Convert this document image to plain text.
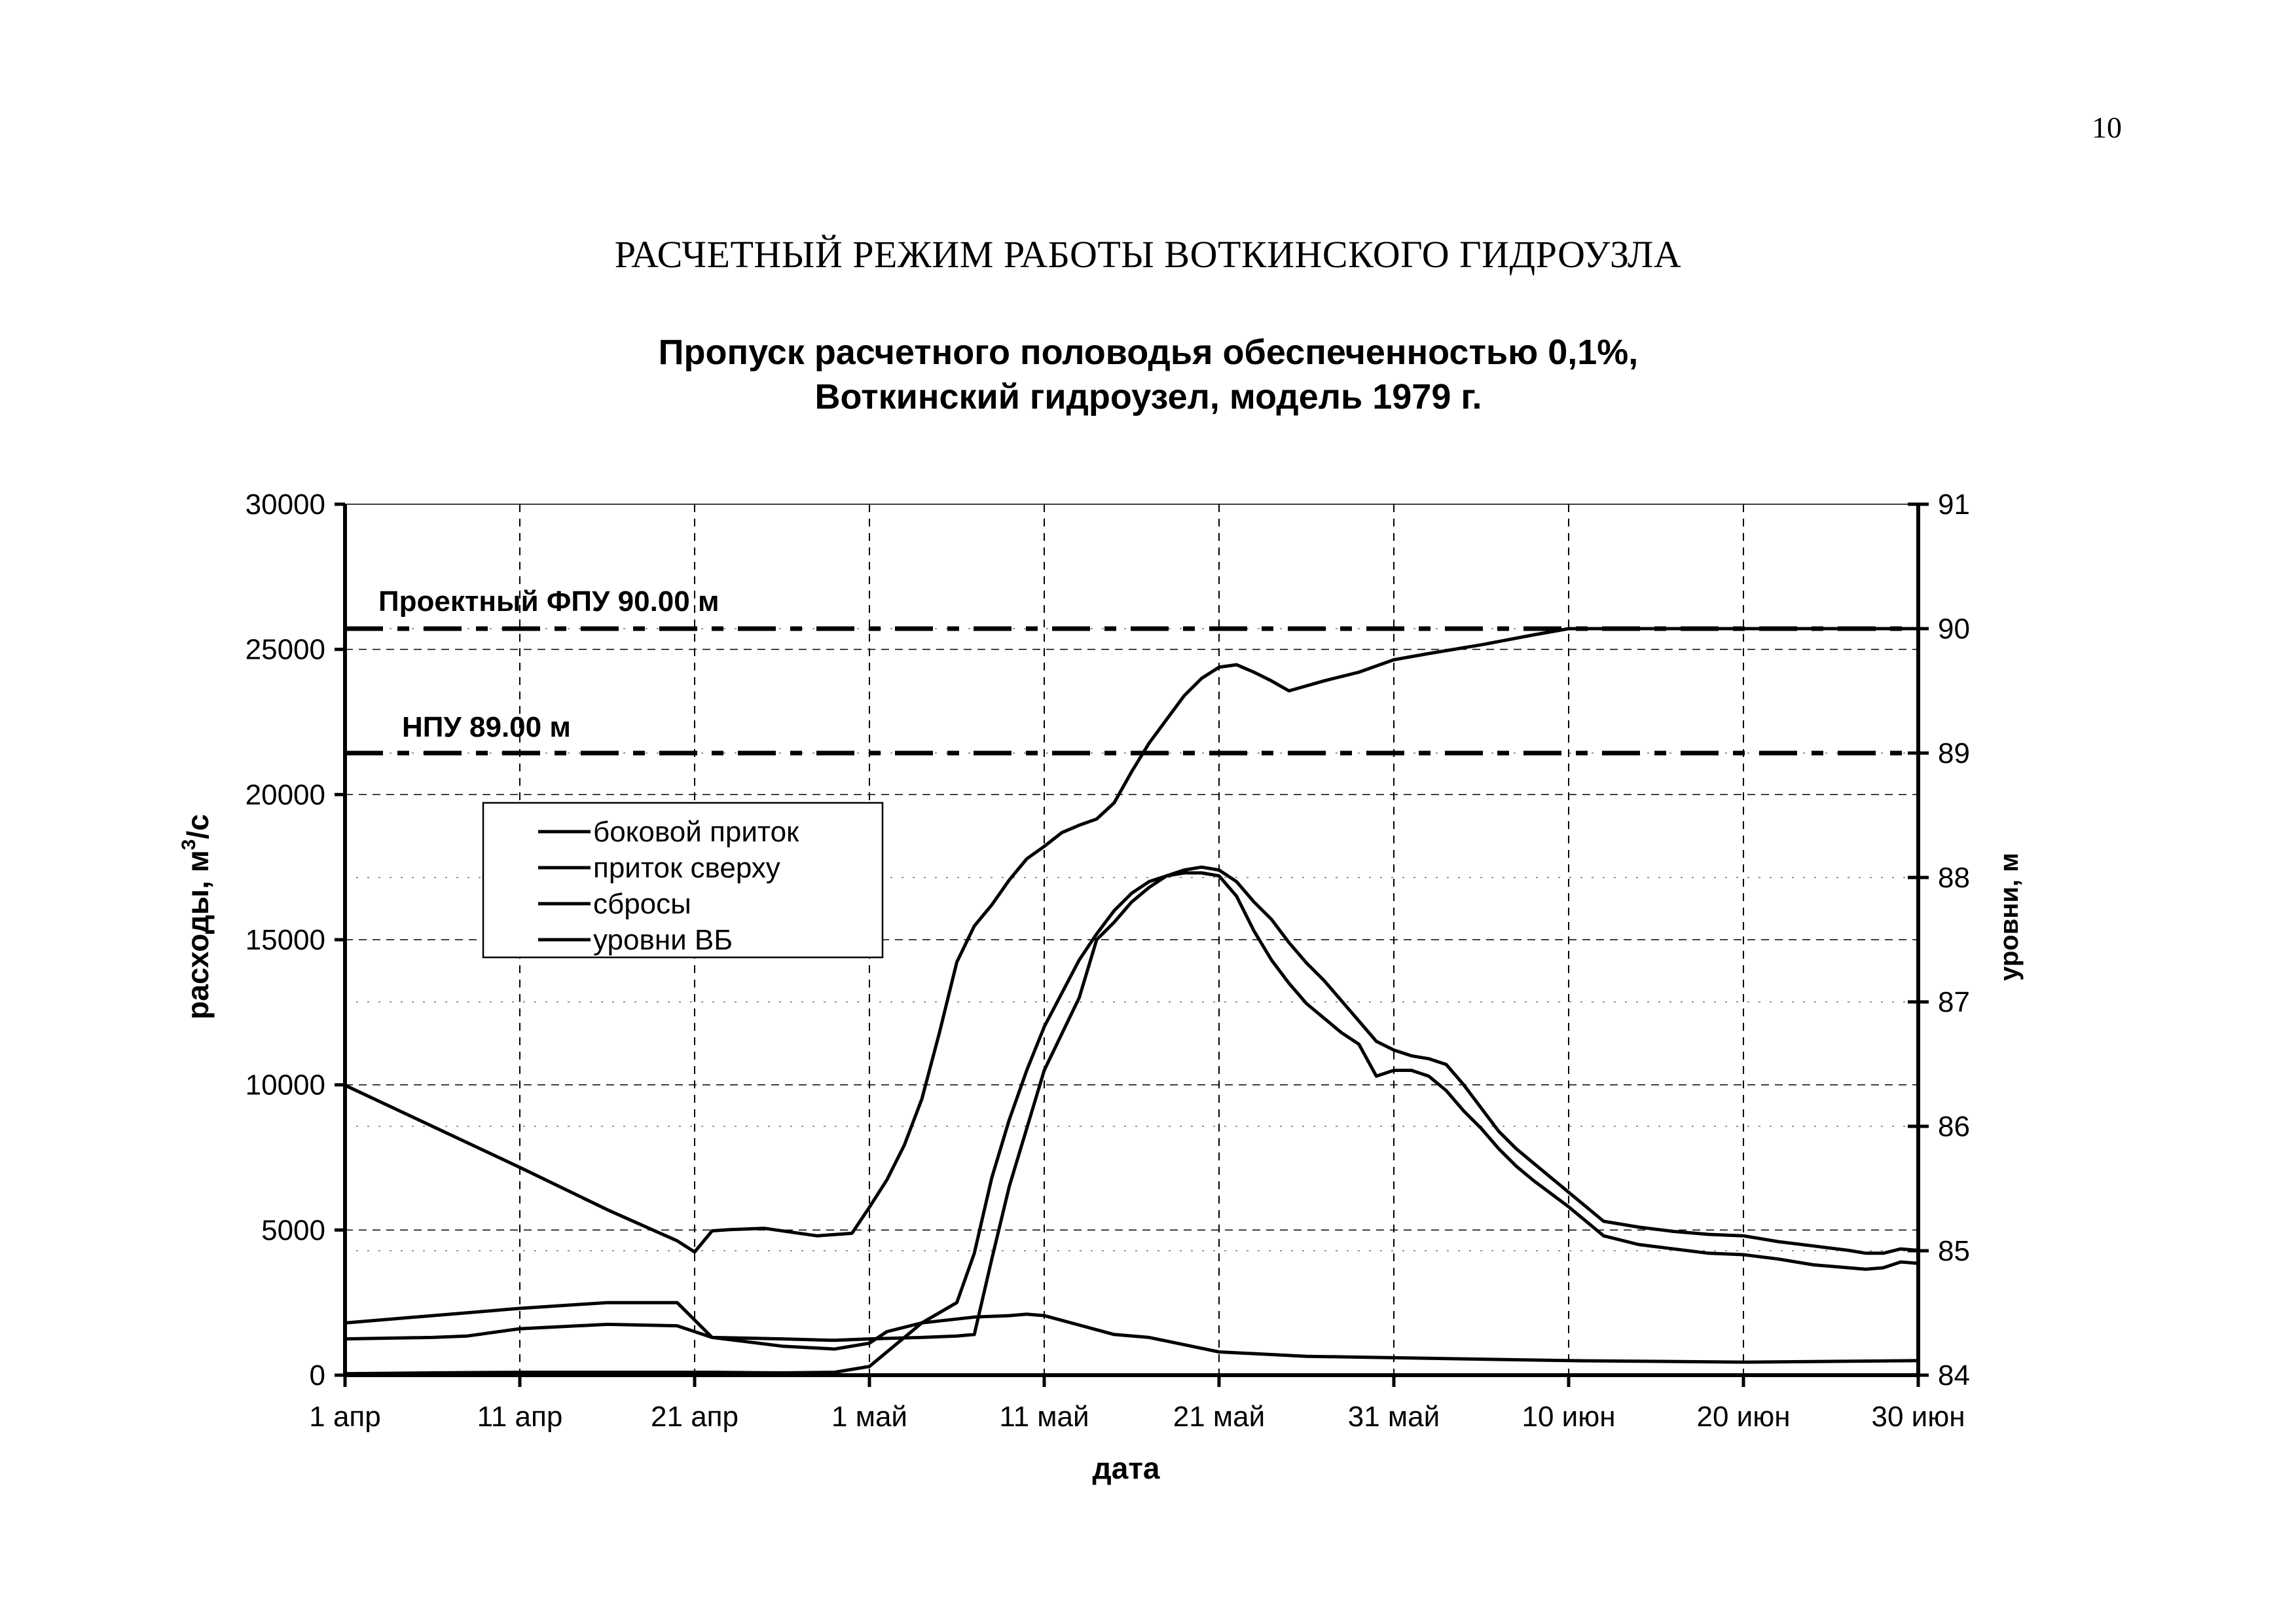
10
РАСЧЕТНЫЙ РЕЖИМ РАБОТЫ ВОТКИНСКОГО ГИДРОУЗЛА
0
5000
10000
15000
20000
25000
30000
84
85
86
87
88
89
90
91
1 апр	11 апр	21 апр	1 май	11 май	21 май	31 май	10 июн	20 июн	30 июн
Пропуск расчетного половодья обеспеченностью 0,1%,
Воткинский гидроузел, модель 1979 г.
Проектный ФПУ 90.00 м
НПУ 89.00 м
дата
расходы, $м^3/с$
уровни, м
боковой приток
приток сверху
сбросы
уровни ВБ
